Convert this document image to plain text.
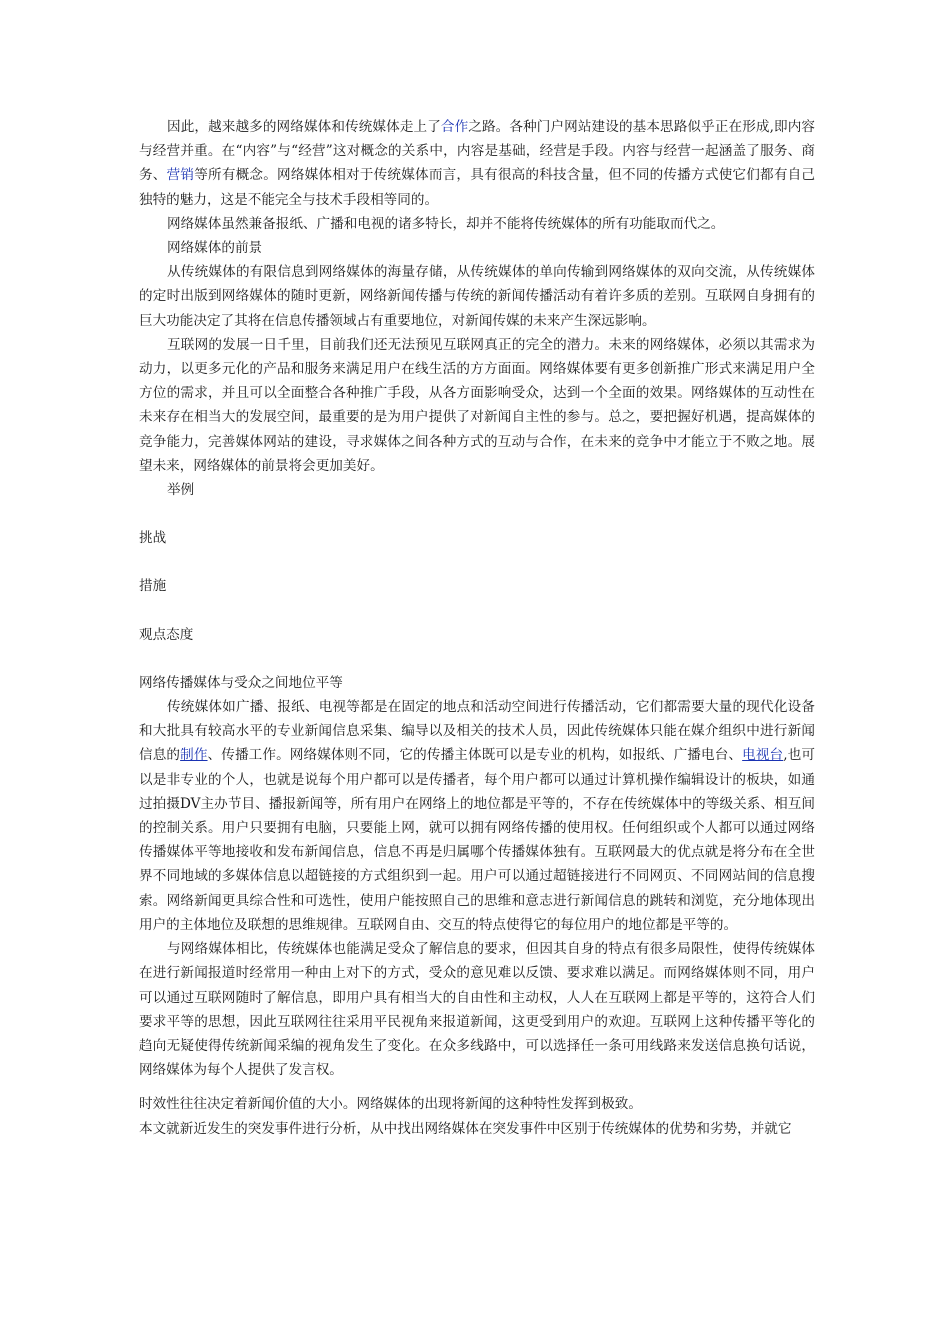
因此，越来越多的网络媒体和传统媒体走上了合作之路。各种门户网站建设的基本思路似乎正在形成,即内容与经营并重。在“内容”与“经营”这对概念的关系中，内容是基础，经营是手段。内容与经营一起涵盖了服务、商务、营销等所有概念。网络媒体相对于传统媒体而言，具有很高的科技含量，但不同的传播方式使它们都有自己独特的魅力，这是不能完全与技术手段相等同的。

网络媒体虽然兼备报纸、广播和电视的诸多特长，却并不能将传统媒体的所有功能取而代之。

网络媒体的前景

从传统媒体的有限信息到网络媒体的海量存储，从传统媒体的单向传输到网络媒体的双向交流，从传统媒体的定时出版到网络媒体的随时更新，网络新闻传播与传统的新闻传播活动有着许多质的差别。互联网自身拥有的巨大功能决定了其将在信息传播领域占有重要地位，对新闻传媒的未来产生深远影响。

互联网的发展一日千里，目前我们还无法预见互联网真正的完全的潜力。未来的网络媒体，必须以其需求为动力，以更多元化的产品和服务来满足用户在线生活的方方面面。网络媒体要有更多创新推广形式来满足用户全方位的需求，并且可以全面整合各种推广手段，从各方面影响受众，达到一个全面的效果。网络媒体的互动性在未来存在相当大的发展空间，最重要的是为用户提供了对新闻自主性的参与。总之，要把握好机遇，提高媒体的竞争能力，完善媒体网站的建设，寻求媒体之间各种方式的互动与合作，在未来的竞争中才能立于不败之地。展望未来，网络媒体的前景将会更加美好。

举例

挑战

措施

观点态度

网络传播媒体与受众之间地位平等

传统媒体如广播、报纸、电视等都是在固定的地点和活动空间进行传播活动，它们都需要大量的现代化设备和大批具有较高水平的专业新闻信息采集、编导以及相关的技术人员，因此传统媒体只能在媒介组织中进行新闻信息的制作、传播工作。网络媒体则不同，它的传播主体既可以是专业的机构，如报纸、广播电台、电视台,也可以是非专业的个人，也就是说每个用户都可以是传播者，每个用户都可以通过计算机操作编辑设计的板块，如通过拍摄DV主办节目、播报新闻等，所有用户在网络上的地位都是平等的，不存在传统媒体中的等级关系、相互间的控制关系。用户只要拥有电脑，只要能上网，就可以拥有网络传播的使用权。任何组织或个人都可以通过网络传播媒体平等地接收和发布新闻信息，信息不再是归属哪个传播媒体独有。互联网最大的优点就是将分布在全世界不同地域的多媒体信息以超链接的方式组织到一起。用户可以通过超链接进行不同网页、不同网站间的信息搜索。网络新闻更具综合性和可选性，使用户能按照自己的思维和意志进行新闻信息的跳转和浏览，充分地体现出用户的主体地位及联想的思维规律。互联网自由、交互的特点使得它的每位用户的地位都是平等的。

与网络媒体相比，传统媒体也能满足受众了解信息的要求，但因其自身的特点有很多局限性，使得传统媒体在进行新闻报道时经常用一种由上对下的方式，受众的意见难以反馈、要求难以满足。而网络媒体则不同，用户可以通过互联网随时了解信息，即用户具有相当大的自由性和主动权，人人在互联网上都是平等的，这符合人们要求平等的思想，因此互联网往往采用平民视角来报道新闻，这更受到用户的欢迎。互联网上这种传播平等化的趋向无疑使得传统新闻采编的视角发生了变化。在众多线路中，可以选择任一条可用线路来发送信息换句话说，网络媒体为每个人提供了发言权。

时效性往往决定着新闻价值的大小。网络媒体的出现将新闻的这种特性发挥到极致。

本文就新近发生的突发事件进行分析，从中找出网络媒体在突发事件中区别于传统媒体的优势和劣势，并就它
